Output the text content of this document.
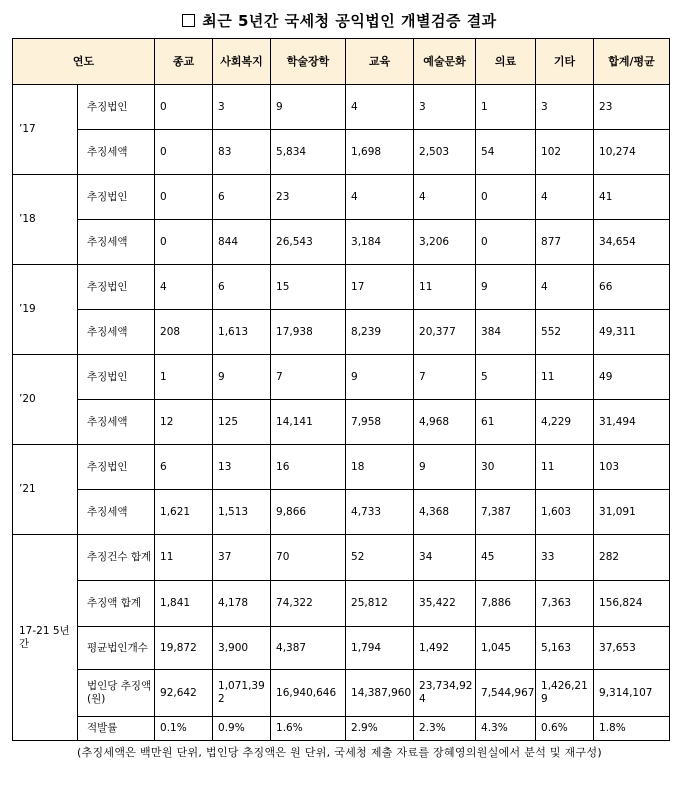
최근 5년간 국세청 공익법인 개별검증 결과
연도		종교	사회복지	학술장학	교육	예술문화	의료	기타	합계/평균
’17	추징법인	0	3	9	4	3	1	3	23
	추징세액	0	83	5,834	1,698	2,503	54	102	10,274
’18	추징법인	0	6	23	4	4	0	4	41
	추징세액	0	844	26,543	3,184	3,206	0	877	34,654
’19	추징법인	4	6	15	17	11	9	4	66
	추징세액	208	1,613	17,938	8,239	20,377	384	552	49,311
’20	추징법인	1	9	7	9	7	5	11	49
	추징세액	12	125	14,141	7,958	4,968	61	4,229	31,494
’21	추징법인	6	13	16	18	9	30	11	103
	추징세액	1,621	1,513	9,866	4,733	4,368	7,387	1,603	31,091
17-21 5년간	추징건수 합계	11	37	70	52	34	45	33	282
	추징액 합계	1,841	4,178	74,322	25,812	35,422	7,886	7,363	156,824
	평균법인개수	19,872	3,900	4,387	1,794	1,492	1,045	5,163	37,653
	법인당 추징액(원)	92,642	1,071,392	16,940,646	14,387,960	23,734,924	7,544,967	1,426,219	9,314,107
	적발률	0.1%	0.9%	1.6%	2.9%	2.3%	4.3%	0.6%	1.8%
(추징세액은 백만원 단위, 법인당 추징액은 원 단위, 국세청 제출 자료를 장혜영의원실에서 분석 및 재구성)
